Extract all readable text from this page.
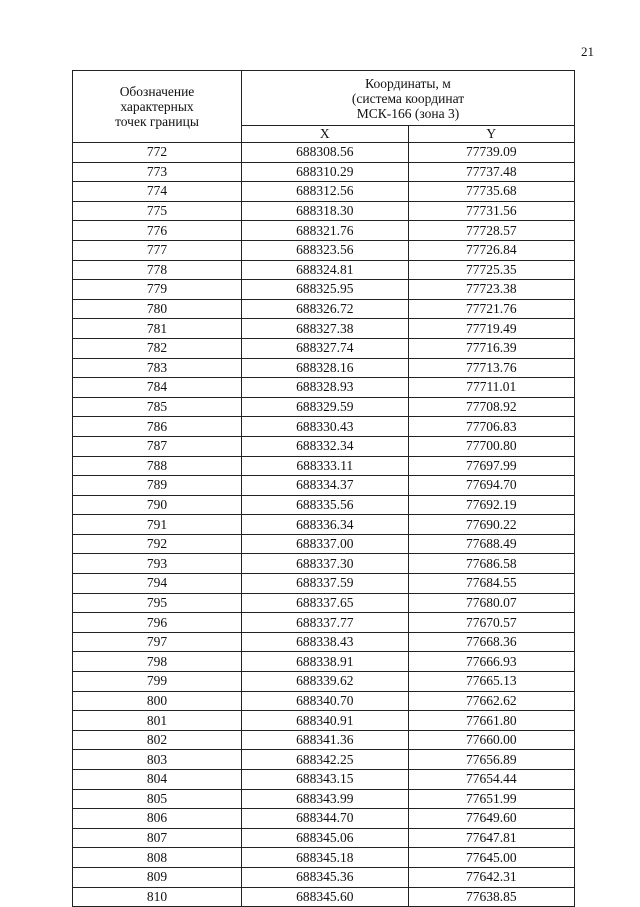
21
Обозначение
характерных
точек границы	Координаты, м
(система координат
МСК-166 (зона 3)	

	X	Y
772	688308.56	77739.09
773	688310.29	77737.48
774	688312.56	77735.68
775	688318.30	77731.56
776	688321.76	77728.57
777	688323.56	77726.84
778	688324.81	77725.35
779	688325.95	77723.38
780	688326.72	77721.76
781	688327.38	77719.49
782	688327.74	77716.39
783	688328.16	77713.76
784	688328.93	77711.01
785	688329.59	77708.92
786	688330.43	77706.83
787	688332.34	77700.80
788	688333.11	77697.99
789	688334.37	77694.70
790	688335.56	77692.19
791	688336.34	77690.22
792	688337.00	77688.49
793	688337.30	77686.58
794	688337.59	77684.55
795	688337.65	77680.07
796	688337.77	77670.57
797	688338.43	77668.36
798	688338.91	77666.93
799	688339.62	77665.13
800	688340.70	77662.62
801	688340.91	77661.80
802	688341.36	77660.00
803	688342.25	77656.89
804	688343.15	77654.44
805	688343.99	77651.99
806	688344.70	77649.60
807	688345.06	77647.81
808	688345.18	77645.00
809	688345.36	77642.31
810	688345.60	77638.85
